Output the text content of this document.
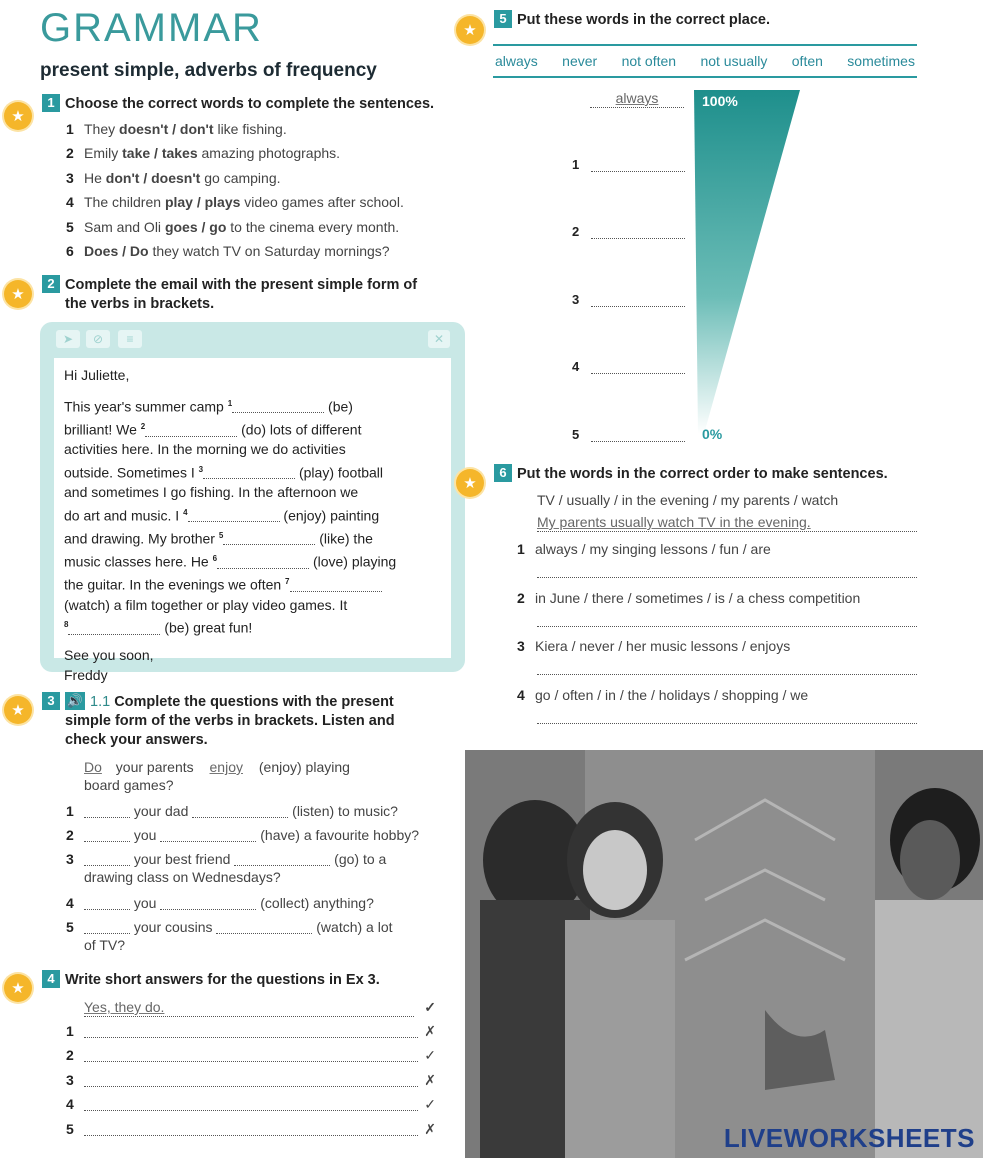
GRAMMAR
present simple, adverbs of frequency
★
1 Choose the correct words to complete the sentences.
1 They doesn't / don't like fishing.
2 Emily take / takes amazing photographs.
3 He don't / doesn't go camping.
4 The children play / plays video games after school.
5 Sam and Oli goes / go to the cinema every month.
6 Does / Do they watch TV on Saturday mornings?
★
2 Complete the email with the present simple form of
the verbs in brackets.
➤	⊘	≡	✕

Hi Juliette,

This year's summer camp $^1$	(be)
brilliant! We $^2$	(do) lots of different
activities here. In the morning we do activities
outside. Sometimes I $^3$	(play) football
and sometimes I go fishing. In the afternoon we
do art and music. I $^4$	(enjoy) painting
and drawing. My brother $^5$	(like) the
music classes here. He $^6$	(love) playing
the guitar. In the evenings we often $^7$
(watch) a film together or play video games. It
$^8$	(be) great fun!
See you soon,
Freddy
★
3 🔊 1.1 Complete the questions with the present
simple form of the verbs in brackets. Listen and
check your answers.
Do your parents enjoy (enjoy) playing
board games?
1	your dad	(listen) to music?
2	you	(have) a favourite hobby?
3	your best friend	(go) to a
drawing class on Wednesdays?
4	you	(collect) anything?
5	your cousins	(watch) a lot
of TV?
★
4 Write short answers for the questions in Ex 3.
Yes, they do.	✓
1	✗
2	✓
3	✗
4	✓
5	✗
★
5 Put these words in the correct place.
always never not often not usually often sometimes
100%
0%
always
1
2
3
4
5
★
6 Put the words in the correct order to make sentences.
TV / usually / in the evening / my parents / watch
My parents usually watch TV in the evening.
1 always / my singing lessons / fun / are
2 in June / there / sometimes / is / a chess competition
3 Kiera / never / her music lessons / enjoys
4 go / often / in / the / holidays / shopping / we
LIVEWORKSHEETS
